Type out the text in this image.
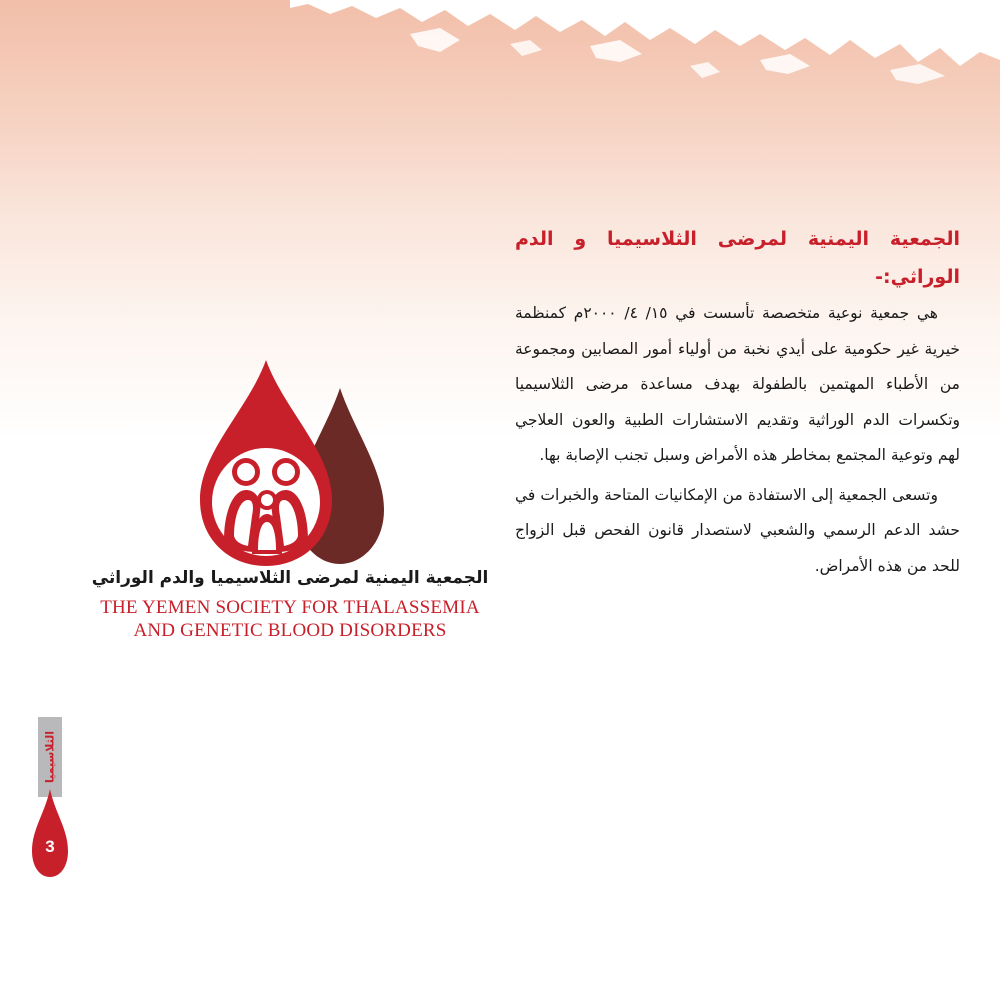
الجمعية اليمنية لمرضى الثلاسيميا و الدم الوراثي:-

هي جمعية نوعية متخصصة تأسست في ١٥/ ٤/ ٢٠٠٠م كمنظمة خيرية غير حكومية على أيدي نخبة من أولياء أمور المصابين ومجموعة من الأطباء المهتمين بالطفولة بهدف مساعدة مرضى الثلاسيميا وتكسرات الدم الوراثية وتقديم الاستشارات الطبية والعون العلاجي لهم وتوعية المجتمع بمخاطر هذه الأمراض وسبل تجنب الإصابة بها.

وتسعى الجمعية إلى الاستفادة من الإمكانيات المتاحة والخبرات في حشد الدعم الرسمي والشعبي لاستصدار قانون الفحص قبل الزواج للحد من هذه الأمراض.

الجمعية اليمنية لمرضى الثلاسيميا والدم الوراثي

THE YEMEN SOCIETY FOR THALASSEMIA
AND GENETIC BLOOD DISORDERS

الثلاسيميا
3
